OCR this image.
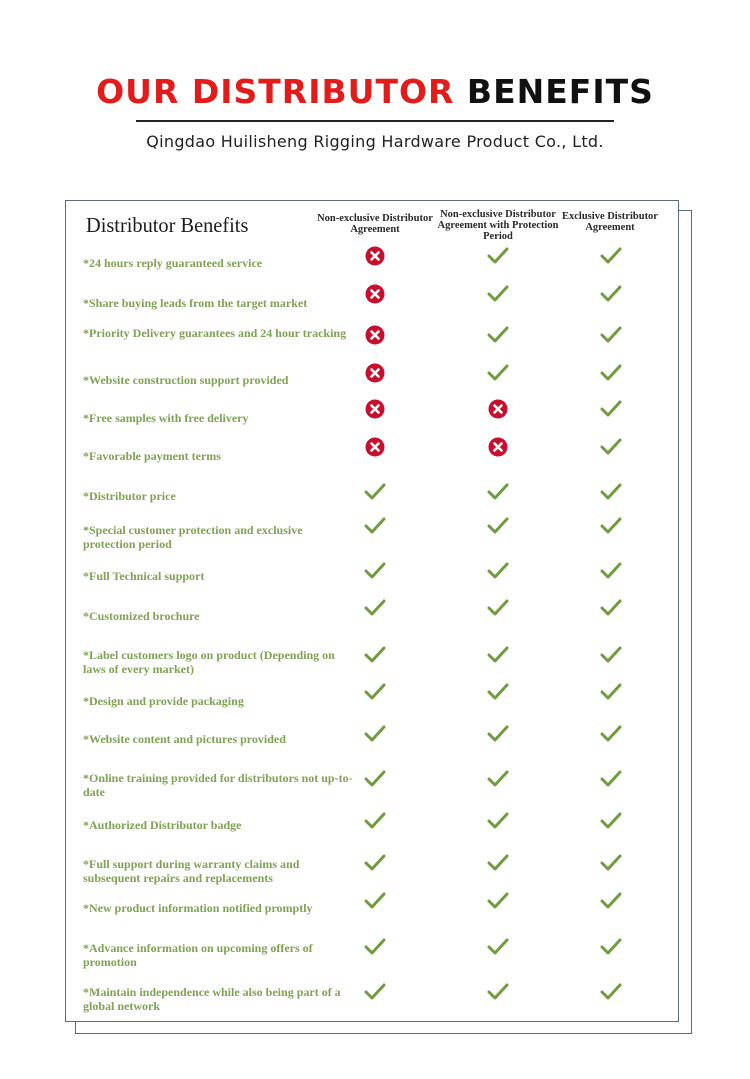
OUR DISTRIBUTOR BENEFITS
Qingdao Huilisheng Rigging Hardware Product Co., Ltd.
Distributor Benefits	Non-exclusive Distributor Agreement
Non-exclusive Distributor Agreement with Protection Period
Exclusive Distributor Agreement
*24 hours reply guaranteed service
*Share buying leads from the target market
*Priority Delivery guarantees and 24 hour tracking
*Website construction support provided
*Free samples with free delivery
*Favorable payment terms
*Distributor price
*Special customer protection and exclusive protection period
*Full Technical support
*Customized brochure
*Label customers logo on product (Depending on laws of every market)
*Design and provide packaging
*Website content and pictures provided
*Online training provided for distributors not up-to-date
*Authorized Distributor badge
*Full support during warranty claims and subsequent repairs and replacements
*New product information notified promptly
*Advance information on upcoming offers of promotion
*Maintain independence while also being part of a global network
